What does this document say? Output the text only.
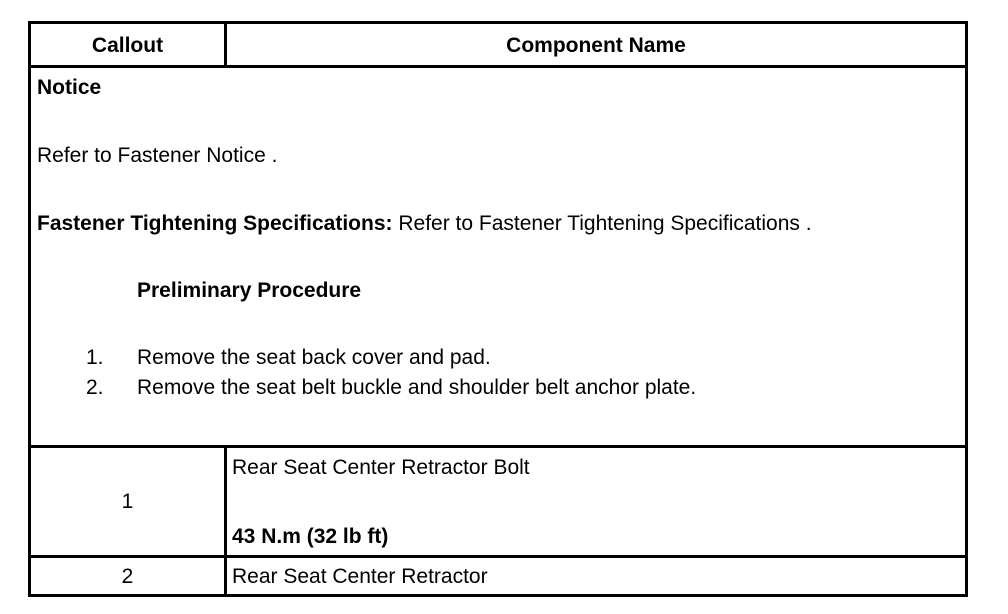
Callout	Component Name
Notice
Refer to Fastener Notice .
Fastener Tightening Specifications: Refer to Fastener Tightening Specifications .
Preliminary Procedure
1. Remove the seat back cover and pad.
2. Remove the seat belt buckle and shoulder belt anchor plate.
1
Rear Seat Center Retractor Bolt
43 N.m (32 lb ft)
2	Rear Seat Center Retractor
